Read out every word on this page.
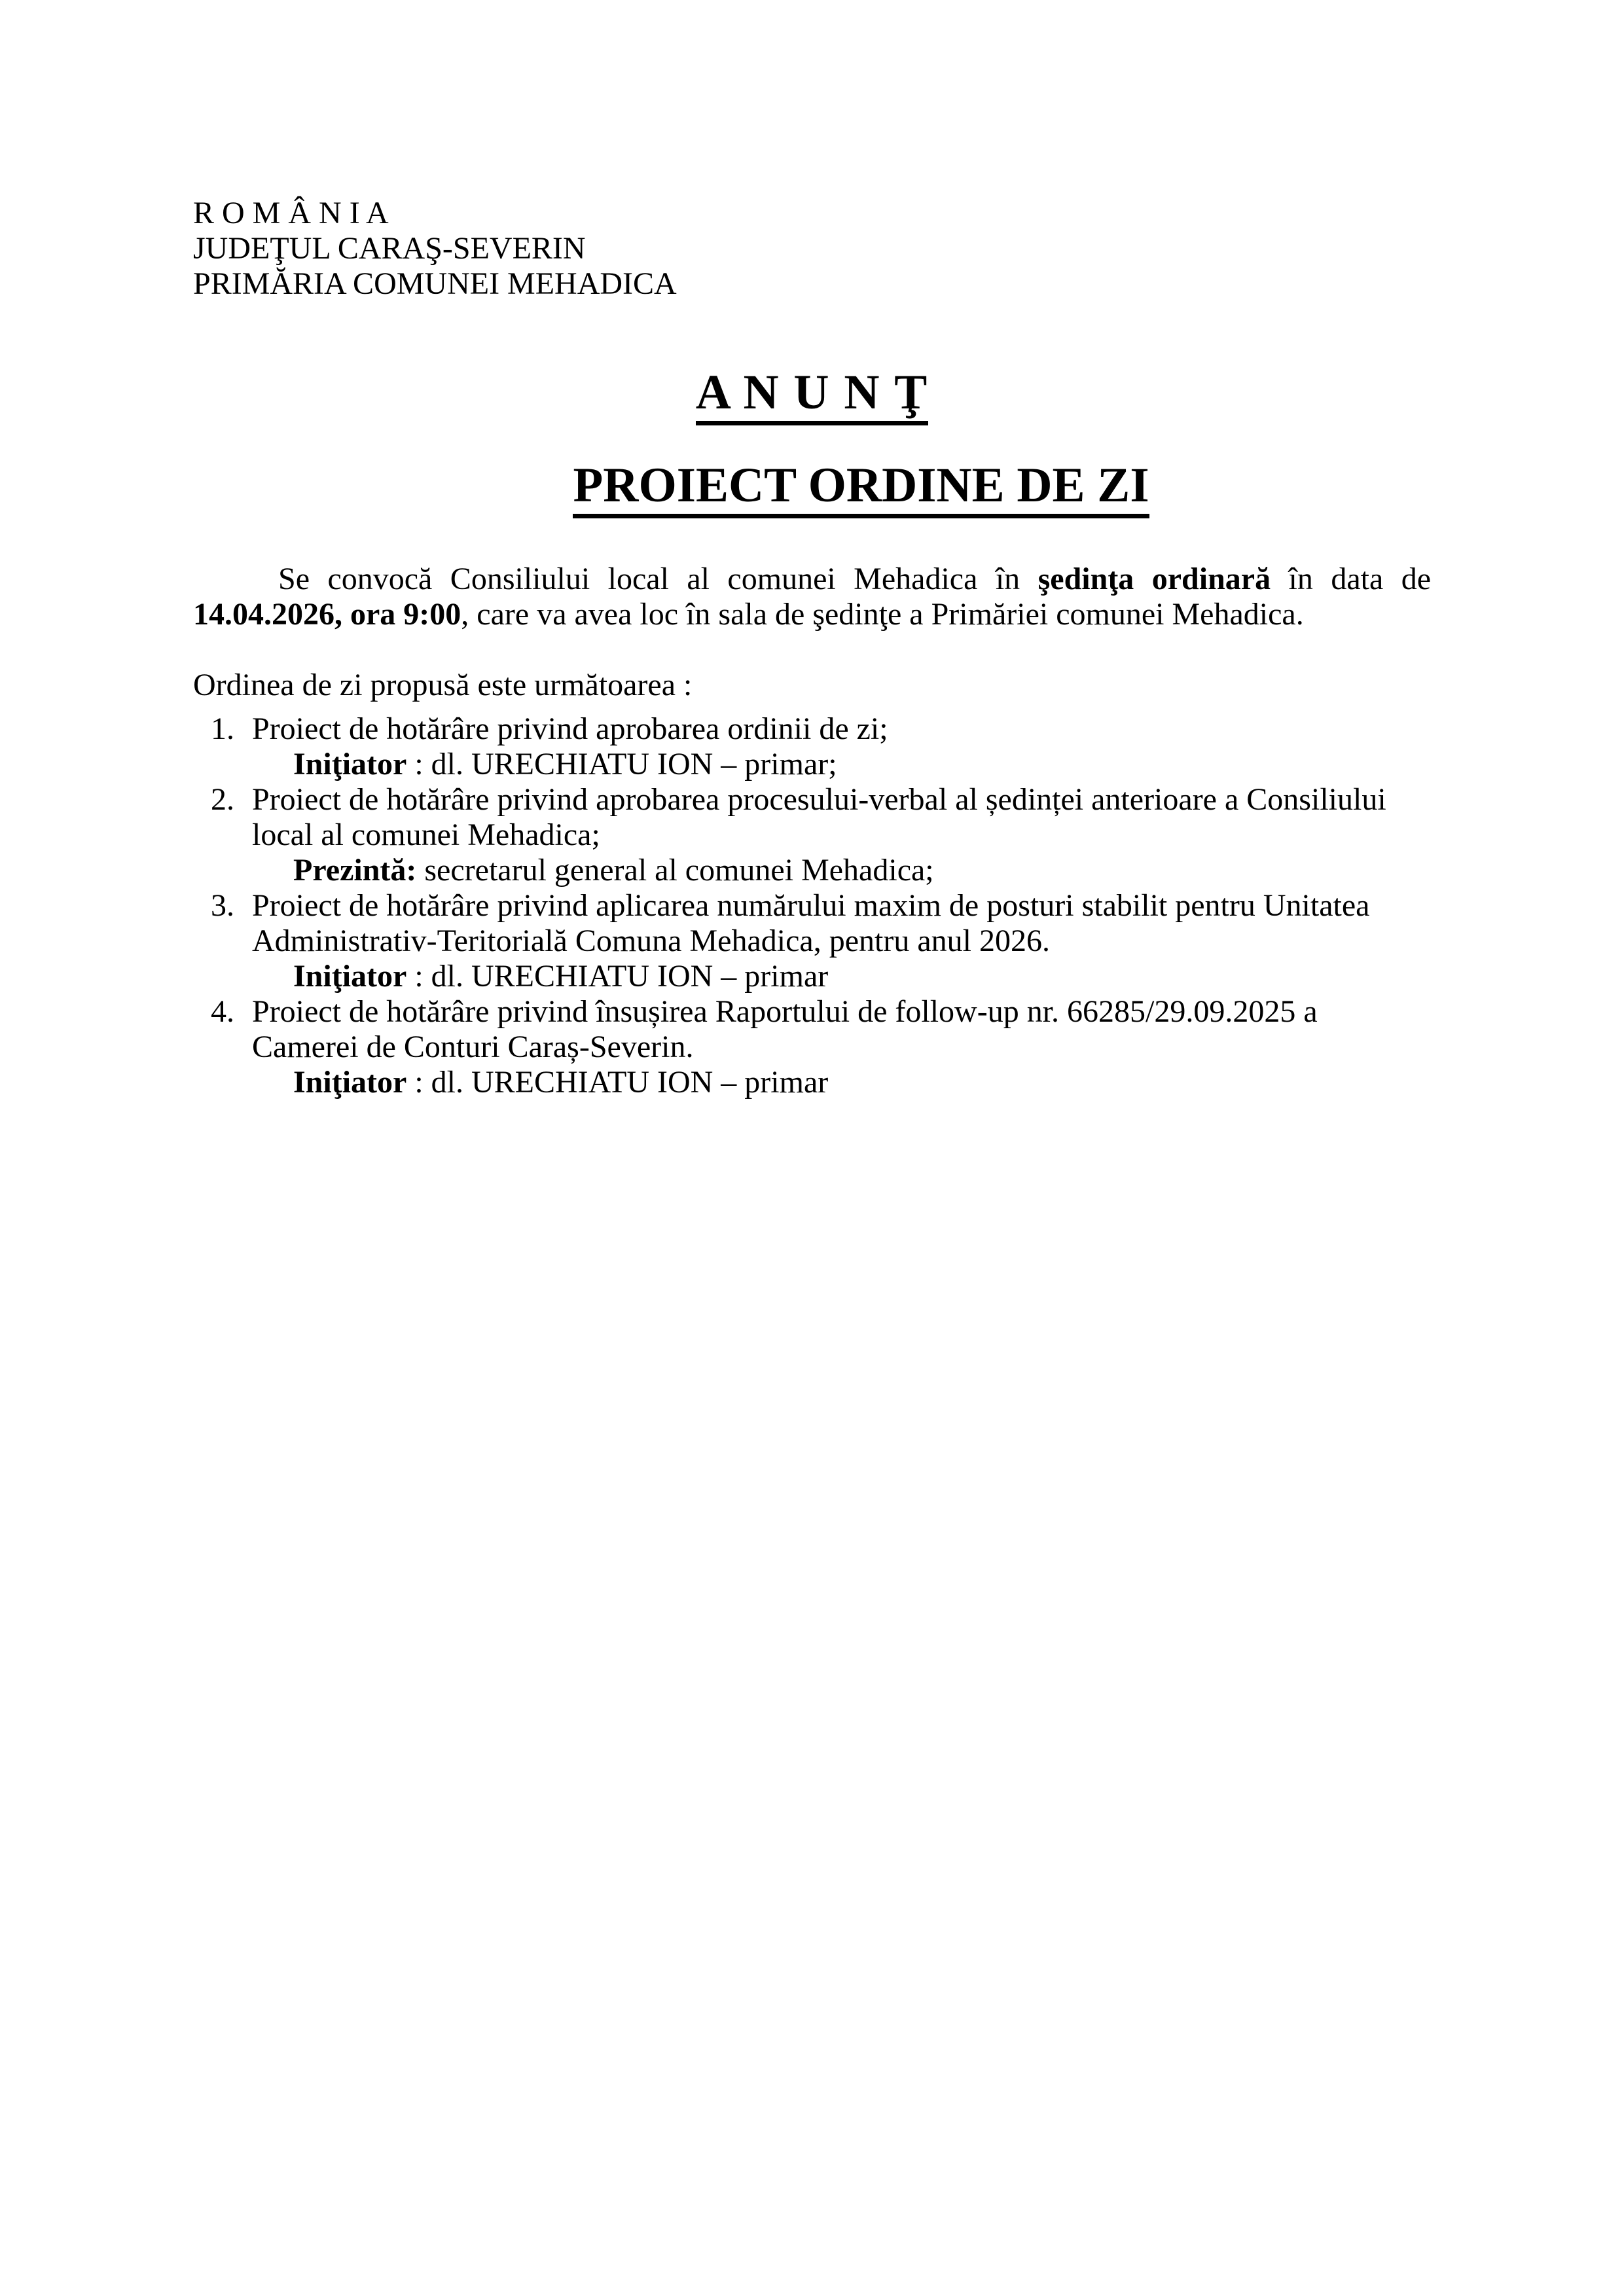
R O M Â N I A
JUDEŢUL CARAŞ-SEVERIN
PRIMĂRIA COMUNEI MEHADICA
A N U N Ţ
PROIECT ORDINE DE ZI

Se convocă Consiliului local al comunei Mehadica în şedinţa ordinară în data de 14.04.2026, ora 9:00, care va avea loc în sala de şedinţe a Primăriei comunei Mehadica.

Ordinea de zi propusă este următoarea :
1. Proiect de hotărâre privind aprobarea ordinii de zi;
Iniţiator : dl. URECHIATU ION – primar;
2. Proiect de hotărâre privind aprobarea procesului-verbal al ședinței anterioare a Consiliului local al comunei Mehadica;
Prezintă: secretarul general al comunei Mehadica;
3. Proiect de hotărâre privind aplicarea numărului maxim de posturi stabilit pentru Unitatea Administrativ-Teritorială Comuna Mehadica, pentru anul 2026.
Iniţiator : dl. URECHIATU ION – primar
4. Proiect de hotărâre privind însușirea Raportului de follow-up nr. 66285/29.09.2025 a Camerei de Conturi Caraș-Severin.
Iniţiator : dl. URECHIATU ION – primar
